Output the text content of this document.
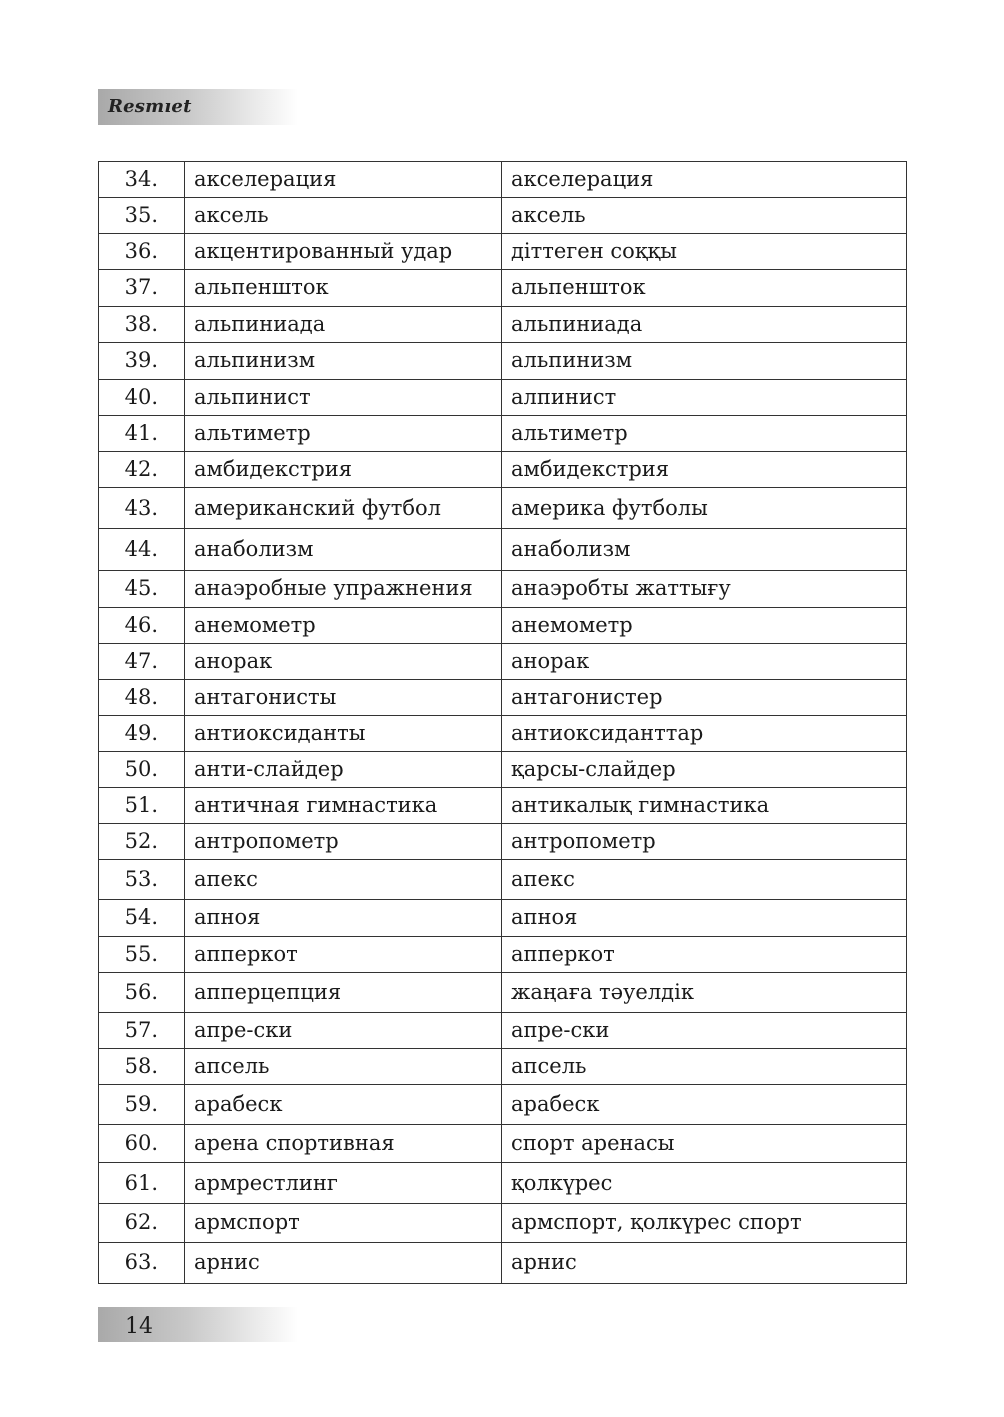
Resmıet
34.	акселерация	акселерация
35.	аксель	аксель
36.	акцентированный удар	діттеген соққы
37.	альпеншток	альпеншток
38.	альпиниада	альпиниада
39.	альпинизм	альпинизм
40.	альпинист	алпинист
41.	альтиметр	альтиметр
42.	амбидекстрия	амбидекстрия
43.	американский футбол	америка футболы
44.	анаболизм	анаболизм
45.	анаэробные упражнения	анаэробты жаттығу
46.	анемометр	анемометр
47.	анорак	анорак
48.	антагонисты	антагонистер
49.	антиоксиданты	антиоксиданттар
50.	анти-слайдер	қарсы-слайдер
51.	античная гимнастика	антикалық гимнастика
52.	антропометр	антропометр
53.	апекс	апекс
54.	апноя	апноя
55.	апперкот	апперкот
56.	апперцепция	жаңаға тәуелдік
57.	апре-ски	апре-ски
58.	апсель	апсель
59.	арабеск	арабеск
60.	арена спортивная	спорт аренасы
61.	армрестлинг	қолкүрес
62.	армспорт	армспорт, қолкүрес спорт
63.	арнис	арнис
14
